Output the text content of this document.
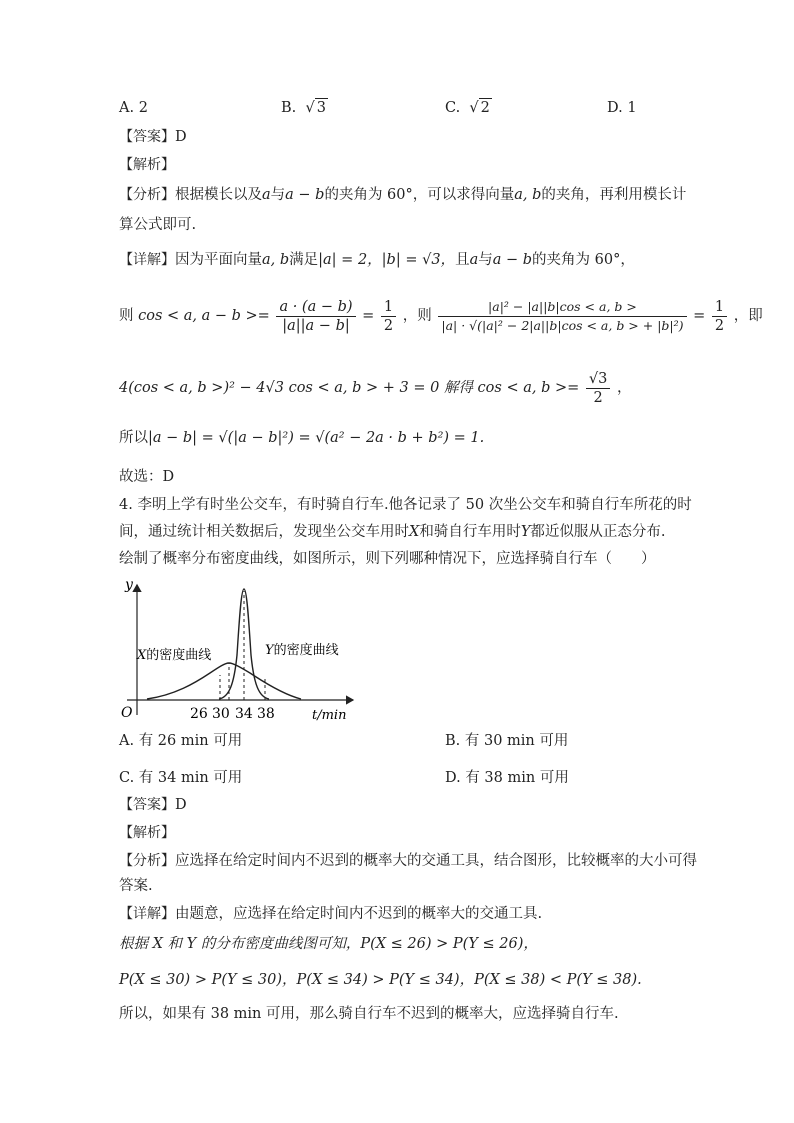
A. 2	B.  √ 3	C.  √ 2	D. 1
【答案】D
【解析】
【分析】根据模长以及a与a − b的夹角为 60°，可以求得向量a, b的夹角，再利用模长计
算公式即可.
【详解】因为平面向量a, b满足|a| = 2，|b| = √3，且a与a − b的夹角为 60°，
则 cos < a, $a - b >= \frac{a \cdot (a - b)}{|a||a - b|} = \frac{1}{2}$ ，则 $\frac{\text{|a|² − |a||b|cos < a, b >}}{\text{|a| · √(|a|² − 2|a||b|cos < a, b > + |b|²)}} = \frac{1}{2}$ ，即
4(cos < a, b >)² − 4√3 cos < a, b > + 3 = 0 解得 cos < a, $b >= \frac{√3}{2}$ ，
所以|a − b| = √(|a − b|²) = √(a² − 2a · b + b²) = 1.
故选：D
4. 李明上学有时坐公交车，有时骑自行车.他各记录了 50 次坐公交车和骑自行车所花的时
间，通过统计相关数据后，发现坐公交车用时X和骑自行车用时Y都近似服从正态分布.
绘制了概率分布密度曲线，如图所示，则下列哪种情况下，应选择骑自行车（　　）
y
O	t/min
26 30 34 38
X的密度曲线	Y的密度曲线
A. 有 26 min 可用	B. 有 30 min 可用
C. 有 34 min 可用	D. 有 38 min 可用
【答案】D
【解析】
【分析】应选择在给定时间内不迟到的概率大的交通工具，结合图形，比较概率的大小可得
答案.
【详解】由题意，应选择在给定时间内不迟到的概率大的交通工具.
根据 X 和 Y 的分布密度曲线图可知，P(X ≤ 26) > P(Y ≤ 26)，
P(X ≤ 30) > P(Y ≤ 30)，P(X ≤ 34) > P(Y ≤ 34)，P(X ≤ 38) < P(Y ≤ 38).
所以，如果有 38 min 可用，那么骑自行车不迟到的概率大，应选择骑自行车.
